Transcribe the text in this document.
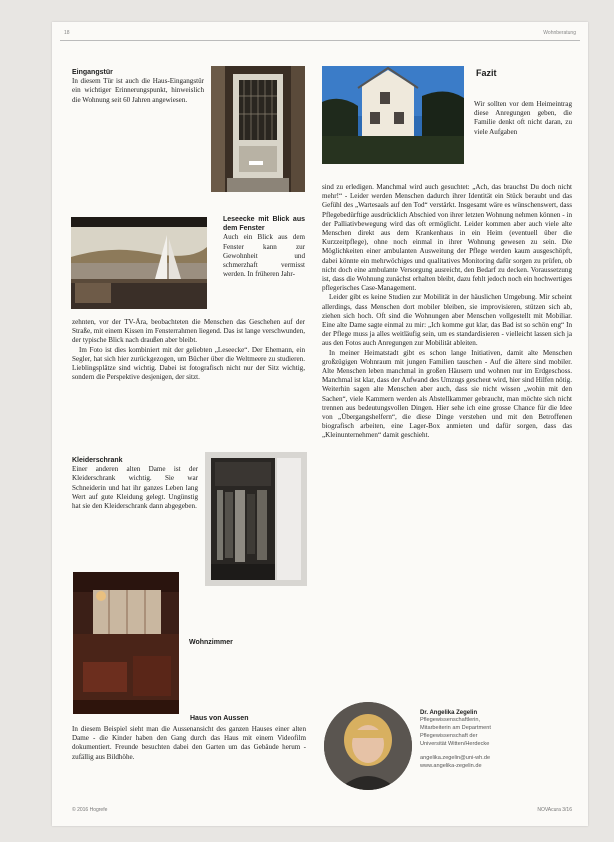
18	Wohnberatung
Eingangstür
In diesem Tür ist auch die Haus-Eingangstür ein wichtiger Erinnerungspunkt, hinweislich die Wohnung seit 60 Jahren angewiesen.
Leseecke mit Blick aus dem Fenster
Auch ein Blick aus dem Fenster kann zur Gewohnheit und schmerzhaft vermisst werden. In früheren Jahr-

zehnten, vor der TV-Ära, beobachteten die Menschen das Geschehen auf der Straße, mit einem Kissen im Fensterrahmen liegend. Das ist lange verschwunden, der typische Blick nach draußen aber bleibt.

Im Foto ist dies kombiniert mit der geliebten „Leseecke“. Der Ehemann, ein Segler, hat sich hier zurückgezogen, um Bücher über die Weltmeere zu studieren. Lieblingsplätze sind wichtig. Dabei ist fotografisch nicht nur der Sitz wichtig, sondern die Perspektive desjenigen, der sitzt.

Kleiderschrank
Einer anderen alten Dame ist der Kleiderschrank wichtig. Sie war Schneiderin und hat ihr ganzes Leben lang Wert auf gute Kleidung gelegt. Ungünstig hat sie den Kleiderschrank dann abgegeben.
Wohnzimmer
Haus von Aussen
In diesem Beispiel sieht man die Aussenansicht des ganzen Hauses einer alten Dame - die Kinder haben den Gang durch das Haus mit einem Videofilm dokumentiert. Freunde besuchten dabei den Garten um das Gebäude herum - zufällig aus Bildhöhe.
Fazit
Wir sollten vor dem Heimeintrag diese Anregungen geben, die Familie denkt oft nicht daran, zu viele Aufgaben

sind zu erledigen. Manchmal wird auch gesuchtet: „Ach, das brauchst Du doch nicht mehr!“ - Leider werden Menschen dadurch ihrer Identität ein Stück beraubt und das Gefühl des „Wartesaals auf den Tod“ verstärkt. Insgesamt wäre es wünschenswert, dass Pflegebedürftige ausdrücklich Abschied von ihrer letzten Wohnung nehmen können - in der Palliativbewegung wird das oft ermöglicht. Leider kommen aber auch viele alte Menschen direkt aus dem Krankenhaus in ein Heim (eventuell über die Kurzzeitpflege), ohne noch einmal in ihrer Wohnung gewesen zu sein. Die Möglichkeiten einer ambulanten Ausweitung der Pflege werden kaum ausgeschöpft, dabei könnte ein mehrwöchiges und qualitatives Monitoring dafür sorgen zu prüfen, ob nicht doch eine ambulante Versorgung ausreicht, den Bedarf zu decken. Voraussetzung ist, dass die Wohnung zunächst erhalten bleibt, dazu fehlt jedoch noch ein hochwertiges pflegerisches Case-Management.

Leider gibt es keine Studien zur Mobilität in der häuslichen Umgebung. Mir scheint allerdings, dass Menschen dort mobiler bleiben, sie improvisieren, stützen sich ab, ziehen sich hoch. Oft sind die Wohnungen aber Menschen vollgestellt mit Mobiliar. Eine alte Dame sagte einmal zu mir: „Ich komme gut klar, das Bad ist so schön eng“ In der Pflege muss ja alles weitläufig sein, um es standardisieren - vielleicht lassen sich ja aus den Fotos auch Anregungen zur Mobilität ableiten.

In meiner Heimatstadt gibt es schon lange Initiativen, damit alte Menschen großzügigen Wohnraum mit jungen Familien tauschen - Auf die ältere sind mobiler. Alte Menschen leben manchmal in großen Häusern und wohnen nur im Erdgeschoss. Manchmal ist klar, dass der Aufwand des Umzugs gescheut wird, hier sind Hilfen nötig. Weiterhin sagen alte Menschen aber auch, dass sie nicht wissen „wohin mit den Sachen“, viele Kammern werden als Abstellkammer gebraucht, man möchte sich nicht trennen aus bedeutungsvollen Dingen. Hier sehe ich eine grosse Chance für die Idee von „Übergangshelfern“, die diese Dinge verstehen und mit den Betroffenen biografisch arbeiten, eine Lager-Box anmieten und dafür sorgen, dass das „Kleinunternehmen“ damit geschieht.

Dr. Angelika Zegelin
Pflegewissenschaftlerin,
Mitarbeiterin am Department
Pflegewissenschaft der
Universität Witten/Herdecke
angelika.zegelin@uni-wh.de
www.angelika-zegelin.de
© 2016 Hogrefe	NOVAcura 3/16
